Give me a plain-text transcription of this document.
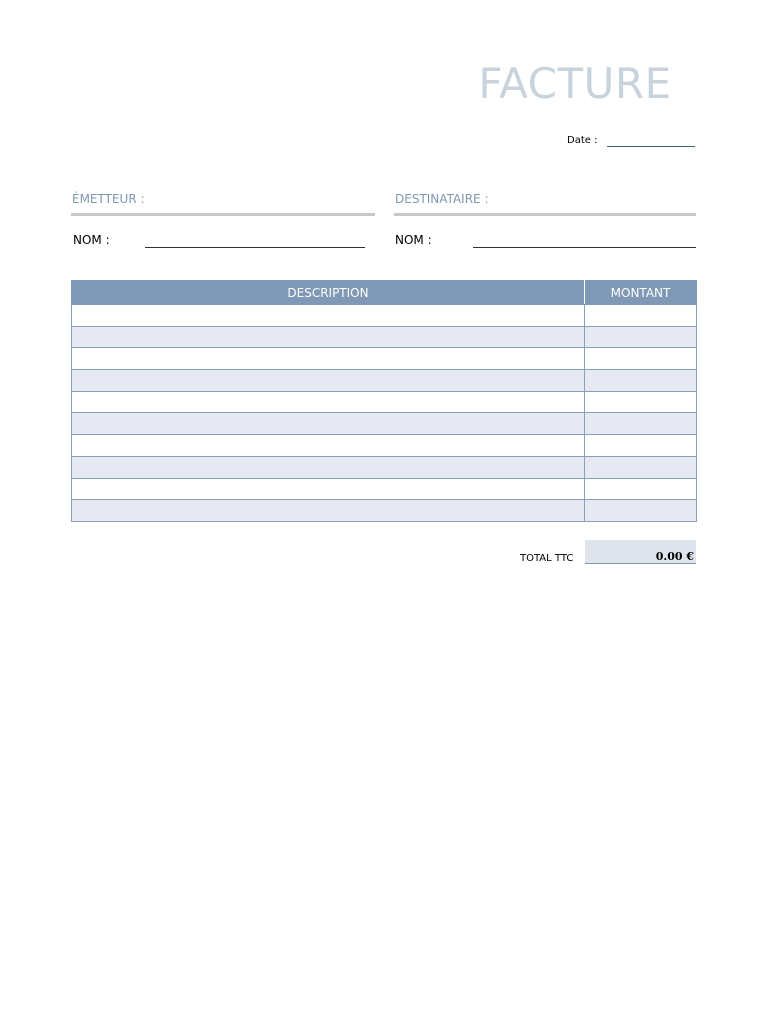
FACTURE
Date :
ÉMETTEUR :	DESTINATAIRE :
NOM :	NOM :
DESCRIPTION	MONTANT

TOTAL TTC	0.00 €
